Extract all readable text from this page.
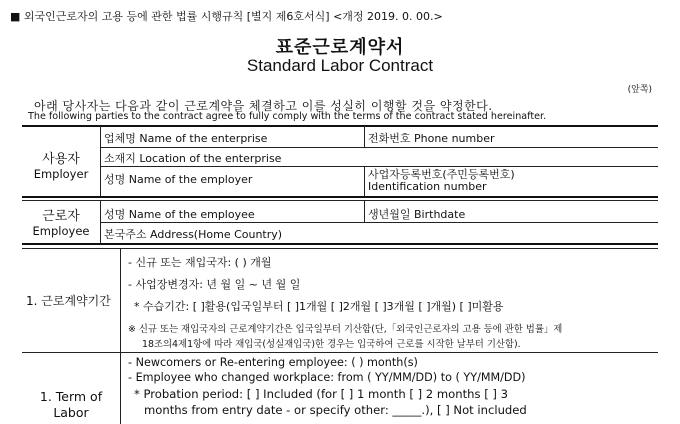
■ 외국인근로자의 고용 등에 관한 법률 시행규칙 [별지 제6호서식] <개정 2019. 0. 00.>
표준근로계약서
Standard Labor Contract
(앞쪽)
아래 당사자는 다음과 같이 근로계약을 체결하고 이를 성실히 이행할 것을 약정한다.
The following parties to the contract agree to fully comply with the terms of the contract stated hereinafter.
사용자
Employer
업체명 Name of the enterprise	전화번호 Phone number
소재지 Location of the enterprise
성명 Name of the employer	사업자등록번호(주민등록번호)
Identification number
근로자
Employee
성명 Name of the employee	생년월일 Birthdate
본국주소 Address(Home Country)
1. 근로계약기간
- 신규 또는 재입국자: ( ) 개월
- 사업장변경자: 년 월 일 ~ 년 월 일
* 수습기간: [ ]활용(입국일부터 [ ]1개월 [ ]2개월 [ ]3개월 [ ]개월) [ ]미활용
※ 신규 또는 재입국자의 근로계약기간은 입국일부터 기산함(단,「외국인근로자의 고용 등에 관한 법률」제
18조의4제1항에 따라 재입국(성실재입국)한 경우는 입국하여 근로를 시작한 날부터 기산함).
1. Term of
Labor
- Newcomers or Re-entering employee: ( ) month(s)
- Employee who changed workplace: from ( YY/MM/DD) to ( YY/MM/DD)
* Probation period: [ ] Included (for [ ] 1 month [ ] 2 months [ ] 3
months from entry date - or specify other: _____.), [ ] Not included
